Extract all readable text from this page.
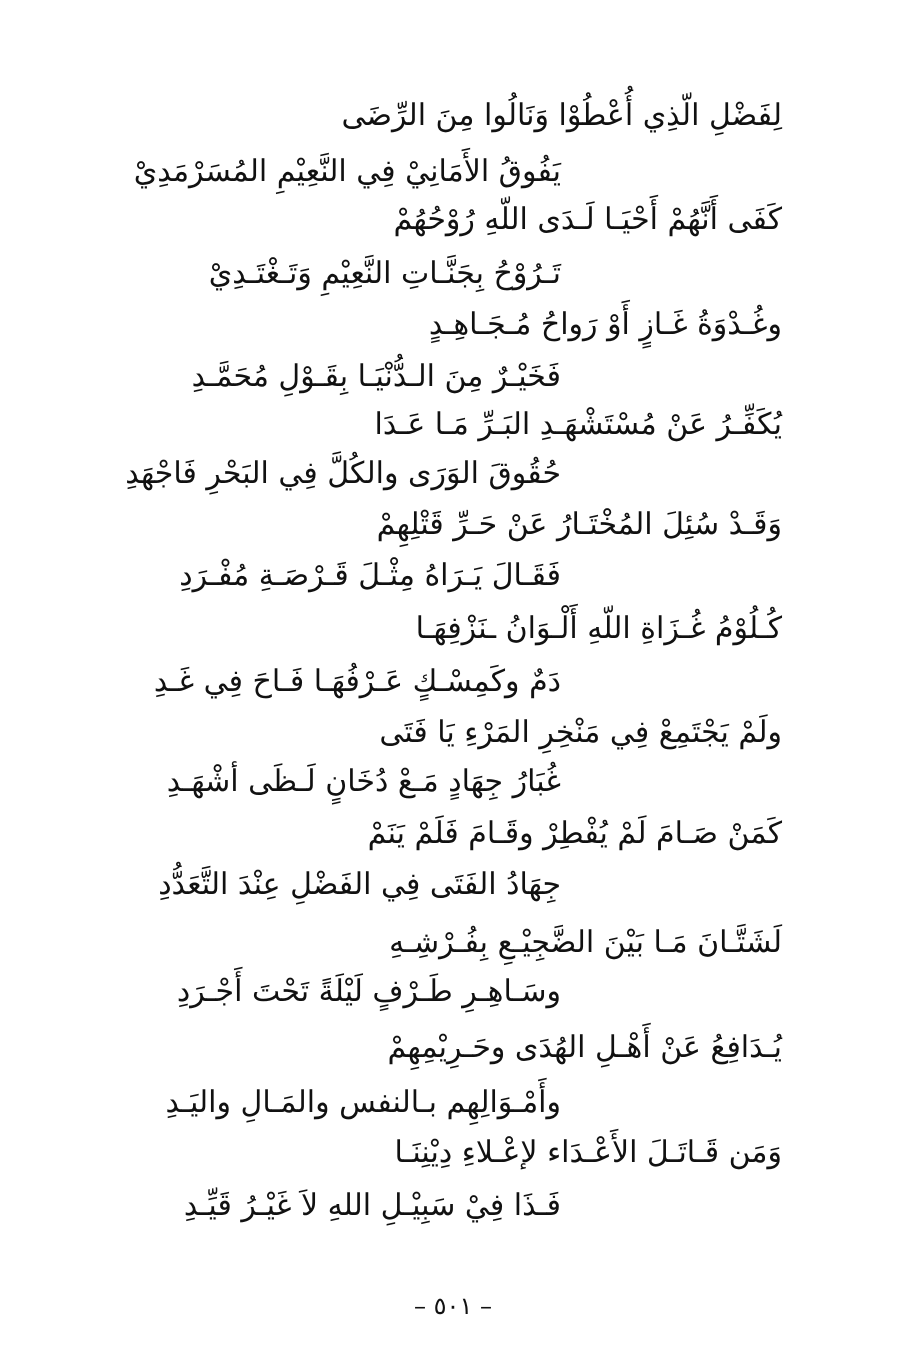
لِفَضْلِ الّذِي أُعْطُوْا وَنَالُوا مِنَ الرِّضَى
يَفُوقُ الأَمَانِيْ فِي النَّعِيْمِ المُسَرْمَدِيْ
كَفَى أَنَّهُمْ أَحْيَـا لَـدَى اللّهِ رُوْحُهُمْ
تَـرُوْحُ بِجَنَّـاتِ النَّعِيْمِ وَتَـغْتَـدِيْ
وغُـدْوَةُ غَـازٍ أَوْ رَواحُ مُـجَـاهِـدٍ
فَخَيْـرٌ مِنَ الـدُّنْيَـا بِقَـوْلِ مُحَمَّـدِ
يُكَفِّـرُ عَنْ مُسْتَشْهَـدِ البَـرِّ مَـا عَـدَا
حُقُوقَ الوَرَى والكُلَّ فِي البَحْرِ فَاجْهَدِ
وَقَـدْ سُئِلَ المُخْتَـارُ عَنْ حَـرِّ قَتْلِهِمْ
فَقَـالَ يَـرَاهُ مِثْـلَ قَـرْصَـةِ مُفْـرَدِ
كُـلُوْمُ غُـزَاةِ اللّهِ أَلْـوَانُ ـنَزْفِهَـا
دَمٌ وكَمِسْـكٍ عَـرْفُهَـا فَـاحَ فِي غَـدِ
ولَمْ يَجْتَمِعْ فِي مَنْخِرِ المَرْءِ يَا فَتَى
غُبَارُ جِهَادٍ مَـعْ دُخَانٍ لَـظَى أشْهَـدِ
كَمَنْ صَـامَ لَمْ يُفْطِرْ وقَـامَ فَلَمْ يَنَمْ
جِهَادُ الفَتَى فِي الفَضْلِ عِنْدَ التَّعَدُّدِ
لَشَتَّـانَ مَـا بَيْنَ الضَّجِيْـعِ بِفُـرْشِـهِ
وسَـاهِـرِ طَـرْفٍ لَيْلَةً تَحْتَ أَجْـرَدِ
يُـدَافِعُ عَنْ أَهْـلِ الهُدَى وحَـرِيْمِهِمْ
وأَمْـوَالِهِم بـالنفس والمَـالِ واليَـدِ
وَمَن قَـاتَـلَ الأَعْـدَاء لإعْـلاءِ دِيْنِنَـا
فَـذَا فِيْ سَبِيْـلِ اللهِ لاَ غَيْـرُ قَيِّـدِ
– ٥٠١ –
